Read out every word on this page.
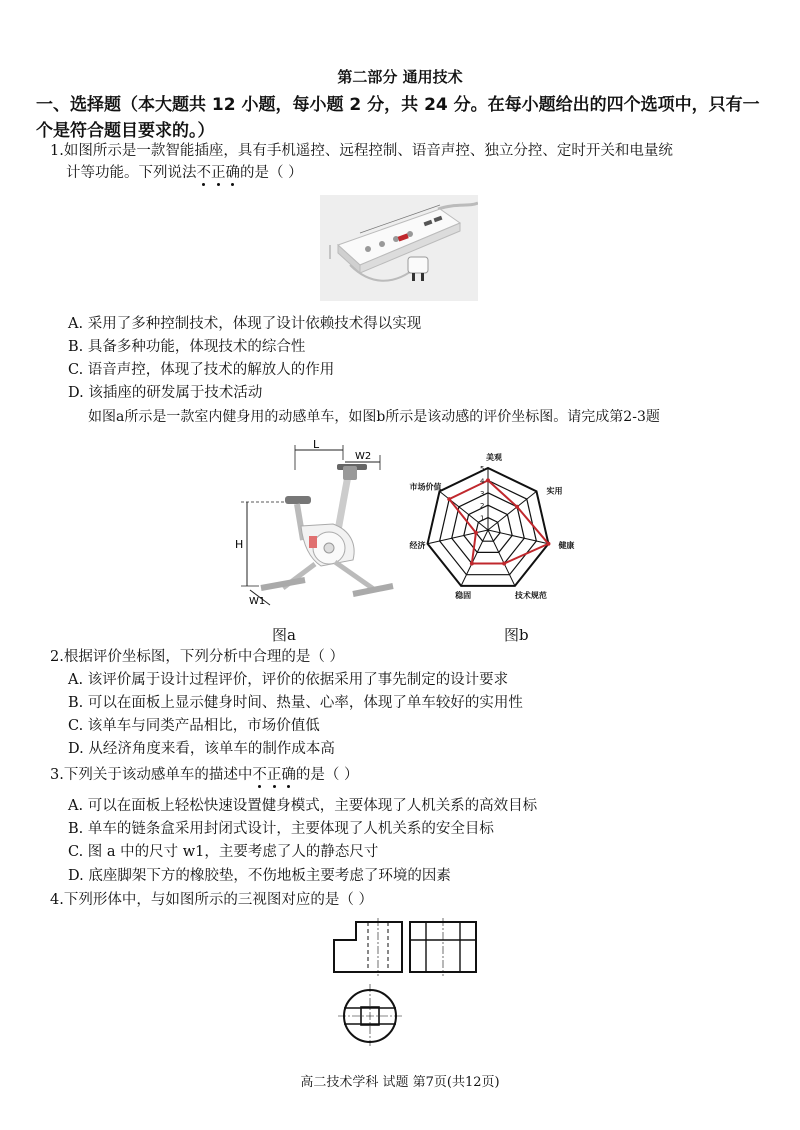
第二部分 通用技术
一、选择题（本大题共 12 小题，每小题 2 分，共 24 分。在每小题给出的四个选项中，只有一个是符合题目要求的。）
1.如图所示是一款智能插座，具有手机遥控、远程控制、语音声控、独立分控、定时开关和电量统
计等功能。下列说法不正确的是（ ）
A. 采用了多种控制技术，体现了设计依赖技术得以实现
B. 具备多种功能，体现技术的综合性
C. 语音声控，体现了技术的解放人的作用
D. 该插座的研发属于技术活动
如图a所示是一款室内健身用的动感单车，如图b所示是该动感的评价坐标图。请完成第2-3题
L
W2
H
W1
图a
1
2
3
4
5
美观
实用
健康
技术规范
稳固
经济
市场价值
图b
2.根据评价坐标图，下列分析中合理的是（ ）
A. 该评价属于设计过程评价，评价的依据采用了事先制定的设计要求
B. 可以在面板上显示健身时间、热量、心率，体现了单车较好的实用性
C. 该单车与同类产品相比，市场价值低
D. 从经济角度来看，该单车的制作成本高
3.下列关于该动感单车的描述中不正确的是（ ）
A. 可以在面板上轻松快速设置健身模式，主要体现了人机关系的高效目标
B. 单车的链条盒采用封闭式设计，主要体现了人机关系的安全目标
C. 图 a 中的尺寸 w1，主要考虑了人的静态尺寸
D. 底座脚架下方的橡胶垫，不伤地板主要考虑了环境的因素
4.下列形体中，与如图所示的三视图对应的是（ ）
高二技术学科 试题 第7页(共12页)
